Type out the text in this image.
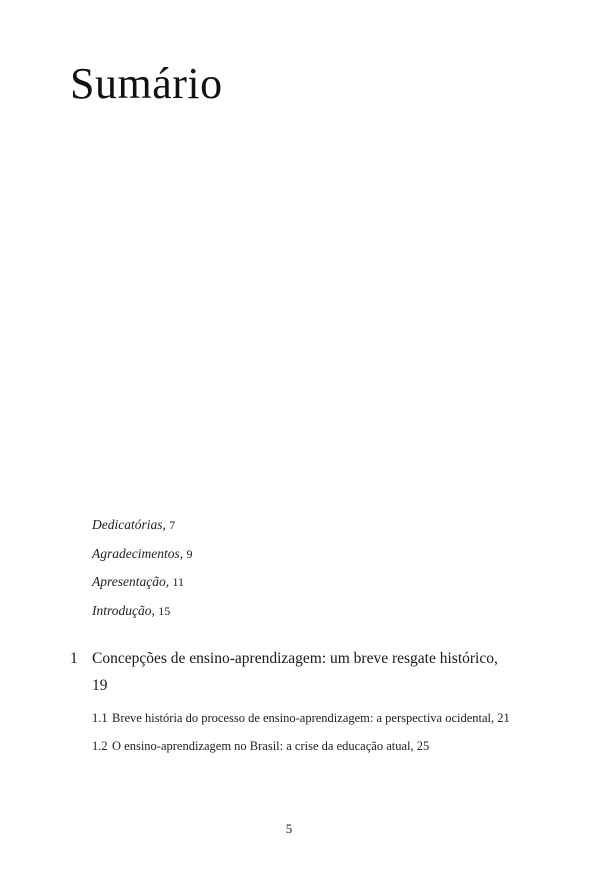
Sumário
Dedicatórias, 7
Agradecimentos, 9
Apresentação, 11
Introdução, 15
1 Concepções de ensino-aprendizagem: um breve resgate histórico, 19
1.1 Breve história do processo de ensino-aprendizagem: a perspectiva ocidental, 21
1.2 O ensino-aprendizagem no Brasil: a crise da educação atual, 25
5
